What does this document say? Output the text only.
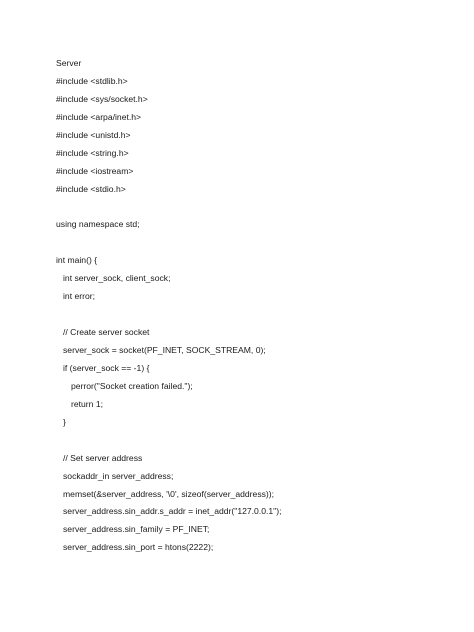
Server
#include <stdlib.h>
#include <sys/socket.h>
#include <arpa/inet.h>
#include <unistd.h>
#include <string.h>
#include <iostream>
#include <stdio.h>
using namespace std;
int main() {
int server_sock, client_sock;
int error;
// Create server socket
server_sock = socket(PF_INET, SOCK_STREAM, 0);
if (server_sock == -1) {
perror("Socket creation failed.");
return 1;
}
// Set server address
sockaddr_in server_address;
memset(&server_address, '\0', sizeof(server_address));
server_address.sin_addr.s_addr = inet_addr("127.0.0.1");
server_address.sin_family = PF_INET;
server_address.sin_port = htons(2222);
